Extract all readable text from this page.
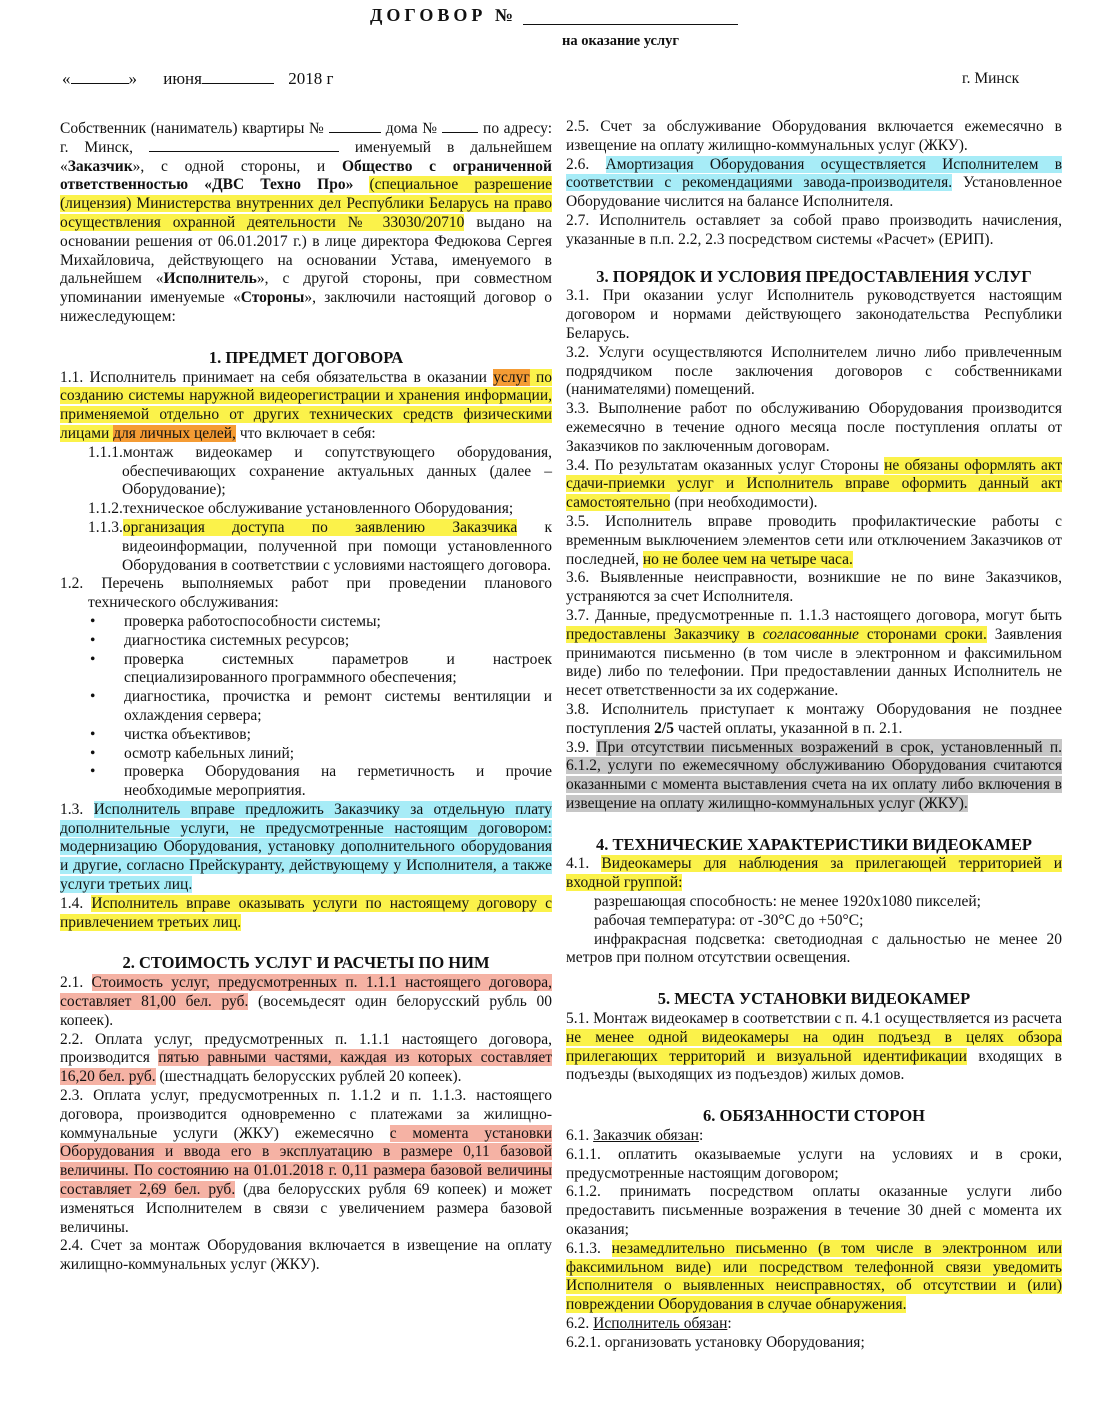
ДОГОВОР №
на оказание услуг
«	» июня	2018 г	г. Минск

Собственник (наниматель) квартиры №	дома №	по адресу: г. Минск,	именуемый в дальнейшем «Заказчик», с одной стороны, и Общество с ограниченной ответственностью «ДВС Техно Про» (специальное разрешение (лицензия) Министерства внутренних дел Республики Беларусь на право осуществления охранной деятельности № 33030/20710 выдано на основании решения от 06.01.2017 г.) в лице директора Федюкова Сергея Михайловича, действующего на основании Устава, именуемого в дальнейшем «Исполнитель», с другой стороны, при совместном упоминании именуемые «Стороны», заключили настоящий договор о нижеследующем:

1. ПРЕДМЕТ ДОГОВОРА

1.1. Исполнитель принимает на себя обязательства в оказании услуг по созданию системы наружной видеорегистрации и хранения информации, применяемой отдельно от других технических средств физическими лицами для личных целей, что включает в себя:

1.1.1.монтаж видеокамер и сопутствующего оборудования, обеспечивающих сохранение актуальных данных (далее – Оборудование);

1.1.2.техническое обслуживание установленного Оборудования;

1.1.3.организация доступа по заявлению Заказчика к видеоинформации, полученной при помощи установленного Оборудования в соответствии с условиями настоящего договора.

1.2. Перечень выполняемых работ при проведении планового технического обслуживания:

• проверка работоспособности системы;

• диагностика системных ресурсов;

• проверка системных параметров и настроек специализированного программного обеспечения;

• диагностика, прочистка и ремонт системы вентиляции и охлаждения сервера;

• чистка объективов;

• осмотр кабельных линий;

• проверка Оборудования на герметичность и прочие необходимые мероприятия.

1.3. Исполнитель вправе предложить Заказчику за отдельную плату дополнительные услуги, не предусмотренные настоящим договором: модернизацию Оборудования, установку дополнительного оборудования и другие, согласно Прейскуранту, действующему у Исполнителя, а также услуги третьих лиц.

1.4. Исполнитель вправе оказывать услуги по настоящему договору с привлечением третьих лиц.

2. СТОИМОСТЬ УСЛУГ И РАСЧЕТЫ ПО НИМ

2.1. Стоимость услуг, предусмотренных п. 1.1.1 настоящего договора, составляет 81,00 бел. руб. (восемьдесят один белорусский рубль 00 копеек).

2.2. Оплата услуг, предусмотренных п. 1.1.1 настоящего договора, производится пятью равными частями, каждая из которых составляет 16,20 бел. руб. (шестнадцать белорусских рублей 20 копеек).

2.3. Оплата услуг, предусмотренных п. 1.1.2 и п. 1.1.3. настоящего договора, производится одновременно с платежами за жилищно-коммунальные услуги (ЖКУ) ежемесячно с момента установки Оборудования и ввода его в эксплуатацию в размере 0,11 базовой величины. По состоянию на 01.01.2018 г. 0,11 размера базовой величины составляет 2,69 бел. руб. (два белорусских рубля 69 копеек) и может изменяться Исполнителем в связи с увеличением размера базовой величины.

2.4. Счет за монтаж Оборудования включается в извещение на оплату жилищно-коммунальных услуг (ЖКУ).

2.5. Счет за обслуживание Оборудования включается ежемесячно в извещение на оплату жилищно-коммунальных услуг (ЖКУ).

2.6. Амортизация Оборудования осуществляется Исполнителем в соответствии с рекомендациями завода-производителя. Установленное Оборудование числится на балансе Исполнителя.

2.7. Исполнитель оставляет за собой право производить начисления, указанные в п.п. 2.2, 2.3 посредством системы «Расчет» (ЕРИП).

3. ПОРЯДОК И УСЛОВИЯ ПРЕДОСТАВЛЕНИЯ УСЛУГ

3.1. При оказании услуг Исполнитель руководствуется настоящим договором и нормами действующего законодательства Республики Беларусь.

3.2. Услуги осуществляются Исполнителем лично либо привлеченным подрядчиком после заключения договоров с собственниками (нанимателями) помещений.

3.3. Выполнение работ по обслуживанию Оборудования производится ежемесячно в течение одного месяца после поступления оплаты от Заказчиков по заключенным договорам.

3.4. По результатам оказанных услуг Стороны не обязаны оформлять акт сдачи-приемки услуг и Исполнитель вправе оформить данный акт самостоятельно (при необходимости).

3.5. Исполнитель вправе проводить профилактические работы с временным выключением элементов сети или отключением Заказчиков от последней, но не более чем на четыре часа.

3.6. Выявленные неисправности, возникшие не по вине Заказчиков, устраняются за счет Исполнителя.

3.7. Данные, предусмотренные п. 1.1.3 настоящего договора, могут быть предоставлены Заказчику в согласованные сторонами сроки. Заявления принимаются письменно (в том числе в электронном и факсимильном виде) либо по телефонии. При предоставлении данных Исполнитель не несет ответственности за их содержание.

3.8. Исполнитель приступает к монтажу Оборудования не позднее поступления 2/5 частей оплаты, указанной в п. 2.1.

3.9. При отсутствии письменных возражений в срок, установленный п. 6.1.2, услуги по ежемесячному обслуживанию Оборудования считаются оказанными с момента выставления счета на их оплату либо включения в извещение на оплату жилищно-коммунальных услуг (ЖКУ).

4. ТЕХНИЧЕСКИЕ ХАРАКТЕРИСТИКИ ВИДЕОКАМЕР

4.1. Видеокамеры для наблюдения за прилегающей территорией и входной группой:

разрешающая способность: не менее 1920х1080 пикселей;

рабочая температура: от -30°С до +50°С;

инфракрасная подсветка: светодиодная с дальностью не менее 20 метров при полном отсутствии освещения.

5. МЕСТА УСТАНОВКИ ВИДЕОКАМЕР

5.1. Монтаж видеокамер в соответствии с п. 4.1 осуществляется из расчета не менее одной видеокамеры на один подъезд в целях обзора прилегающих территорий и визуальной идентификации входящих в подъезды (выходящих из подъездов) жилых домов.

6. ОБЯЗАННОСТИ СТОРОН

6.1. Заказчик обязан:

6.1.1. оплатить оказываемые услуги на условиях и в сроки, предусмотренные настоящим договором;

6.1.2. принимать посредством оплаты оказанные услуги либо предоставить письменные возражения в течение 30 дней с момента их оказания;

6.1.3. незамедлительно письменно (в том числе в электронном или факсимильном виде) или посредством телефонной связи уведомить Исполнителя о выявленных неисправностях, об отсутствии и (или) повреждении Оборудования в случае обнаружения.

6.2. Исполнитель обязан:

6.2.1. организовать установку Оборудования;
